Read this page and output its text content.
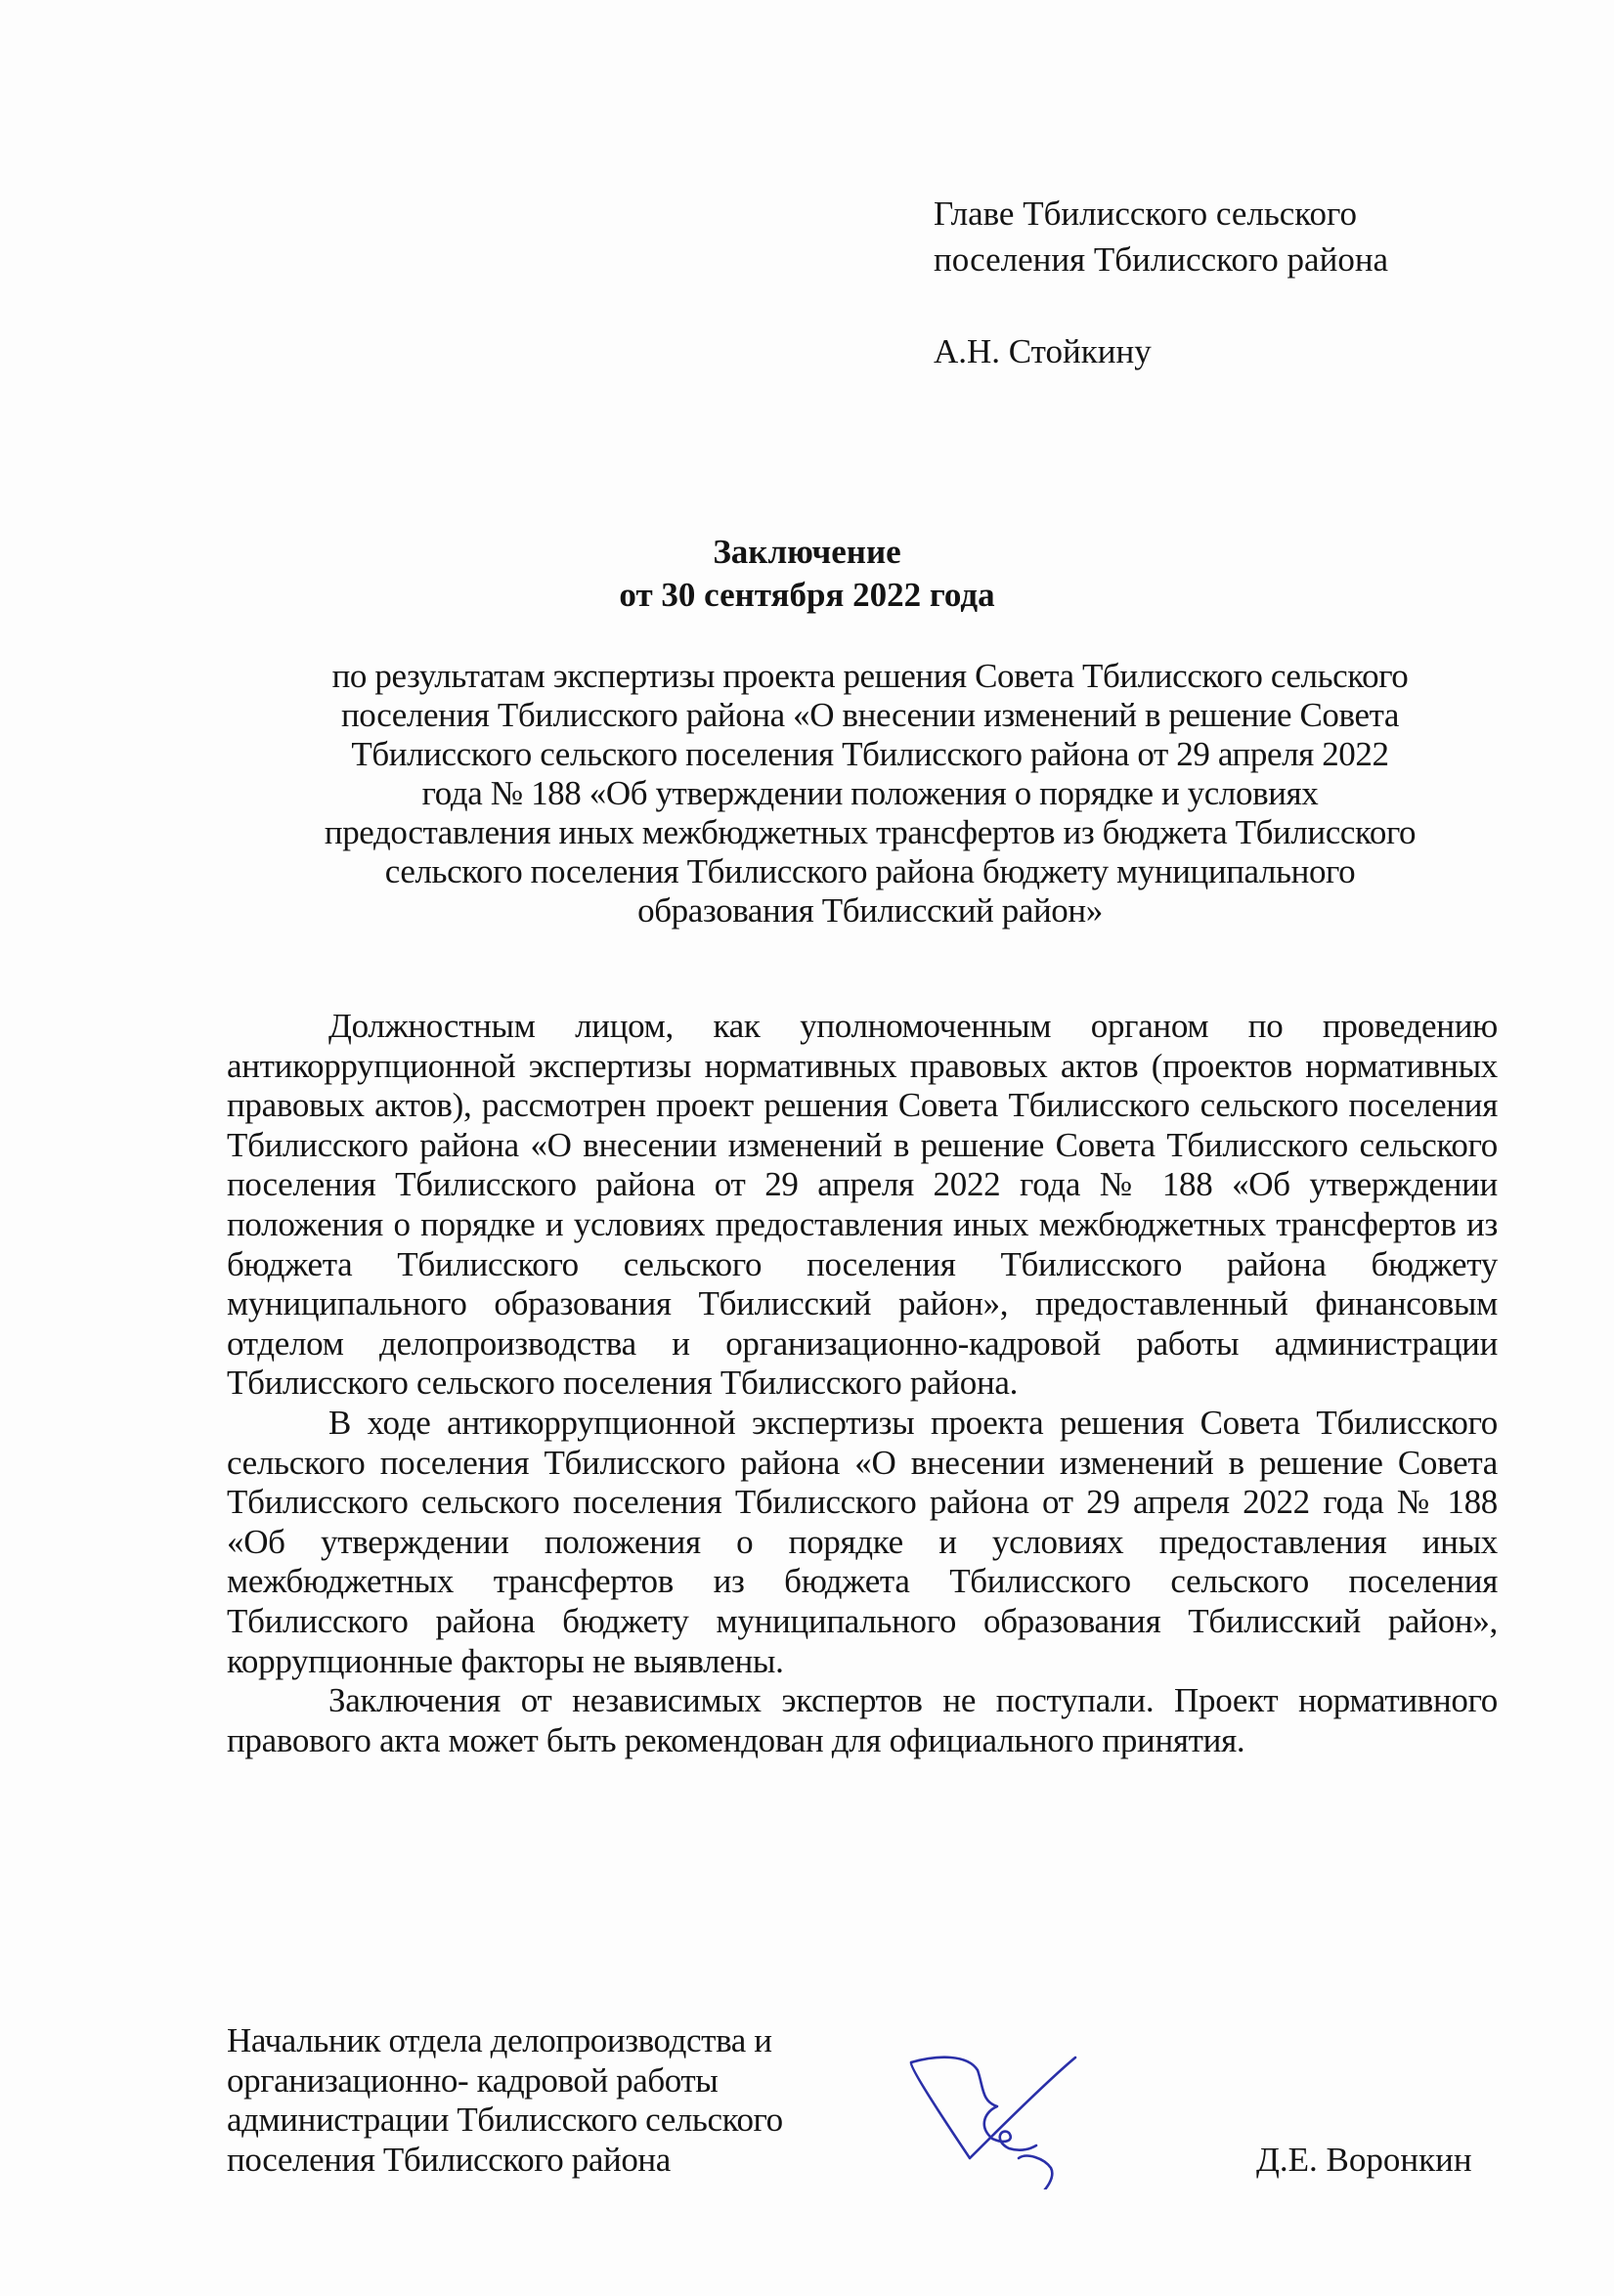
Главе Тбилисского сельского
поселения Тбилисского района
А.Н. Стойкину
Заключение
от 30 сентября 2022 года
по результатам экспертизы проекта решения Совета Тбилисского сельского
поселения Тбилисского района «О внесении изменений в решение Совета
Тбилисского сельского поселения Тбилисского района от 29 апреля 2022
года № 188 «Об утверждении положения о порядке и условиях
предоставления иных межбюджетных трансфертов из бюджета Тбилисского
сельского поселения Тбилисского района бюджету муниципального
образования Тбилисский район»

Должностным лицом, как уполномоченным органом по проведению антикоррупционной экспертизы нормативных правовых актов (проектов нормативных правовых актов), рассмотрен проект решения Совета Тбилисского сельского поселения Тбилисского района «О внесении изменений в решение Совета Тбилисского сельского поселения Тбилисского района от 29 апреля 2022 года № 188 «Об утверждении положения о порядке и условиях предоставления иных межбюджетных трансфертов из бюджета Тбилисского сельского поселения Тбилисского района бюджету муниципального образования Тбилисский район», предоставленный финансовым отделом делопроизводства и организационно-кадровой работы администрации Тбилисского сельского поселения Тбилисского района.

В ходе антикоррупционной экспертизы проекта решения Совета Тбилисского сельского поселения Тбилисского района «О внесении изменений в решение Совета Тбилисского сельского поселения Тбилисского района от 29 апреля 2022 года № 188 «Об утверждении положения о порядке и условиях предоставления иных межбюджетных трансфертов из бюджета Тбилисского сельского поселения Тбилисского района бюджету муниципального образования Тбилисский район», коррупционные факторы не выявлены.

Заключения от независимых экспертов не поступали. Проект нормативного правового акта может быть рекомендован для официального принятия.

Начальник отдела делопроизводства и
организационно- кадровой работы
администрации Тбилисского сельского
поселения Тбилисского района	Д.Е. Воронкин
